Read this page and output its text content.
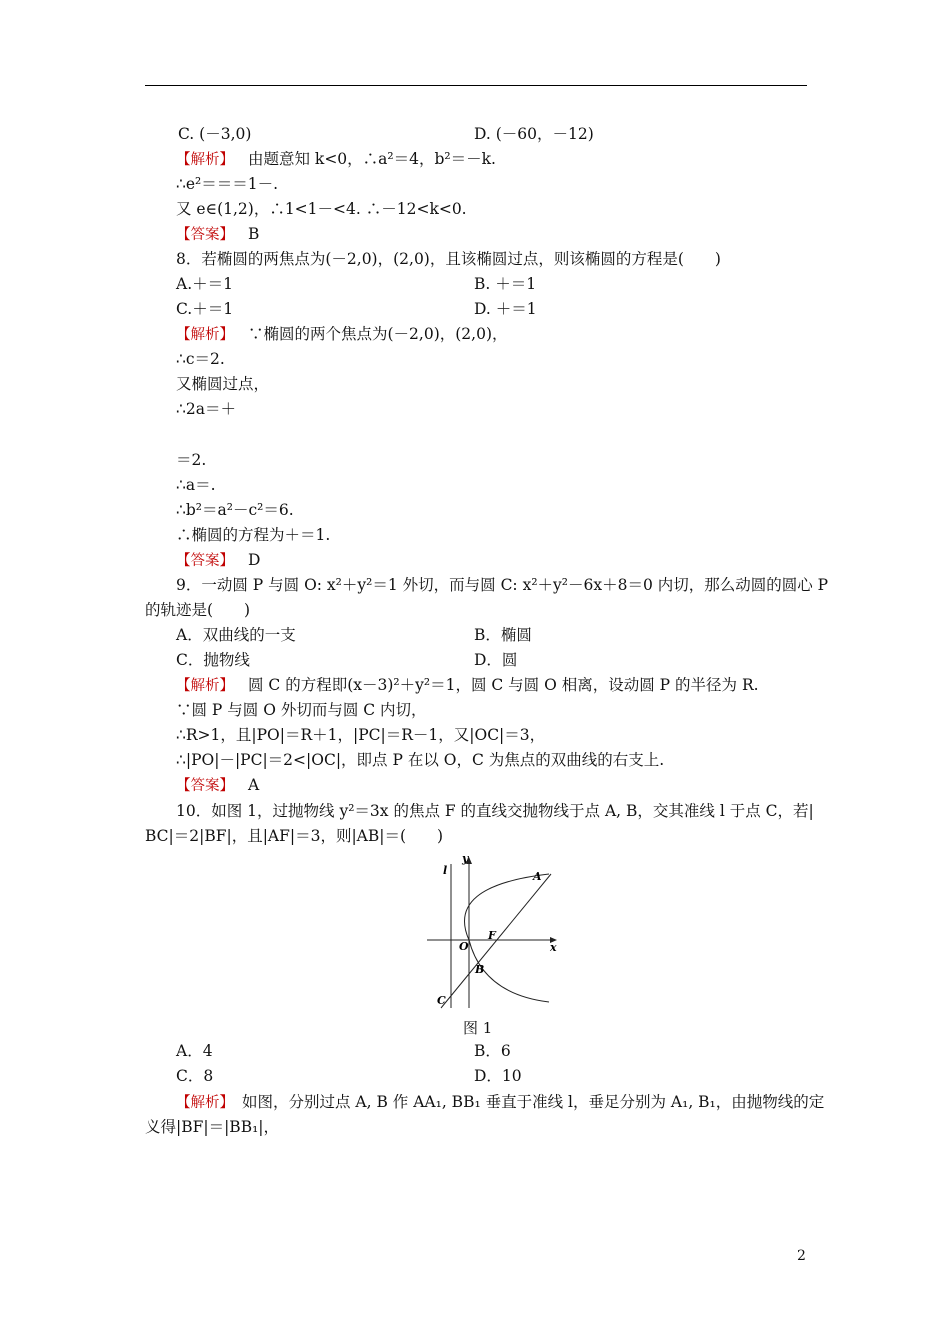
C. (－3,0)	D. (－60，－12)
【解析】 由题意知 k<0，∴a²＝4，b²＝－k.
∴e²＝＝＝1－.
又 e∈(1,2)，∴1<1－<4. ∴－12<k<0.
【答案】 B
8．若椭圆的两焦点为(－2,0)，(2,0)，且该椭圆过点，则该椭圆的方程是(　　)
A.＋＝1	B. ＋＝1
C.＋＝1	D. ＋＝1
【解析】 ∵椭圆的两个焦点为(－2,0)，(2,0)，
∴c＝2.
又椭圆过点，
∴2a＝＋
＝2.
∴a＝.
∴b²＝a²－c²＝6.
∴椭圆的方程为＋＝1.
【答案】 D
9．一动圆 P 与圆 O: x²＋y²＝1 外切，而与圆 C: x²＋y²－6x＋8＝0 内切，那么动圆的圆心 P
的轨迹是(　　)
A．双曲线的一支	B．椭圆
C．抛物线	D．圆
【解析】 圆 C 的方程即(x－3)²＋y²＝1，圆 C 与圆 O 相离，设动圆 P 的半径为 R.
∵圆 P 与圆 O 外切而与圆 C 内切，
∴R>1，且|PO|＝R＋1，|PC|＝R－1，又|OC|＝3，
∴|PO|－|PC|＝2<|OC|，即点 P 在以 O，C 为焦点的双曲线的右支上.
【答案】 A
10．如图 1，过抛物线 y²＝3x 的焦点 F 的直线交抛物线于点 A, B，交其准线 l 于点 C，若|
BC|＝2|BF|，且|AF|＝3，则|AB|＝(　　)
l
y
x
A
O
F
B
C
图 1
A．4	B．6
C．8	D．10
【解析】 如图，分别过点 A, B 作 AA₁, BB₁ 垂直于准线 l，垂足分别为 A₁, B₁，由抛物线的定
义得|BF|＝|BB₁|，
2
